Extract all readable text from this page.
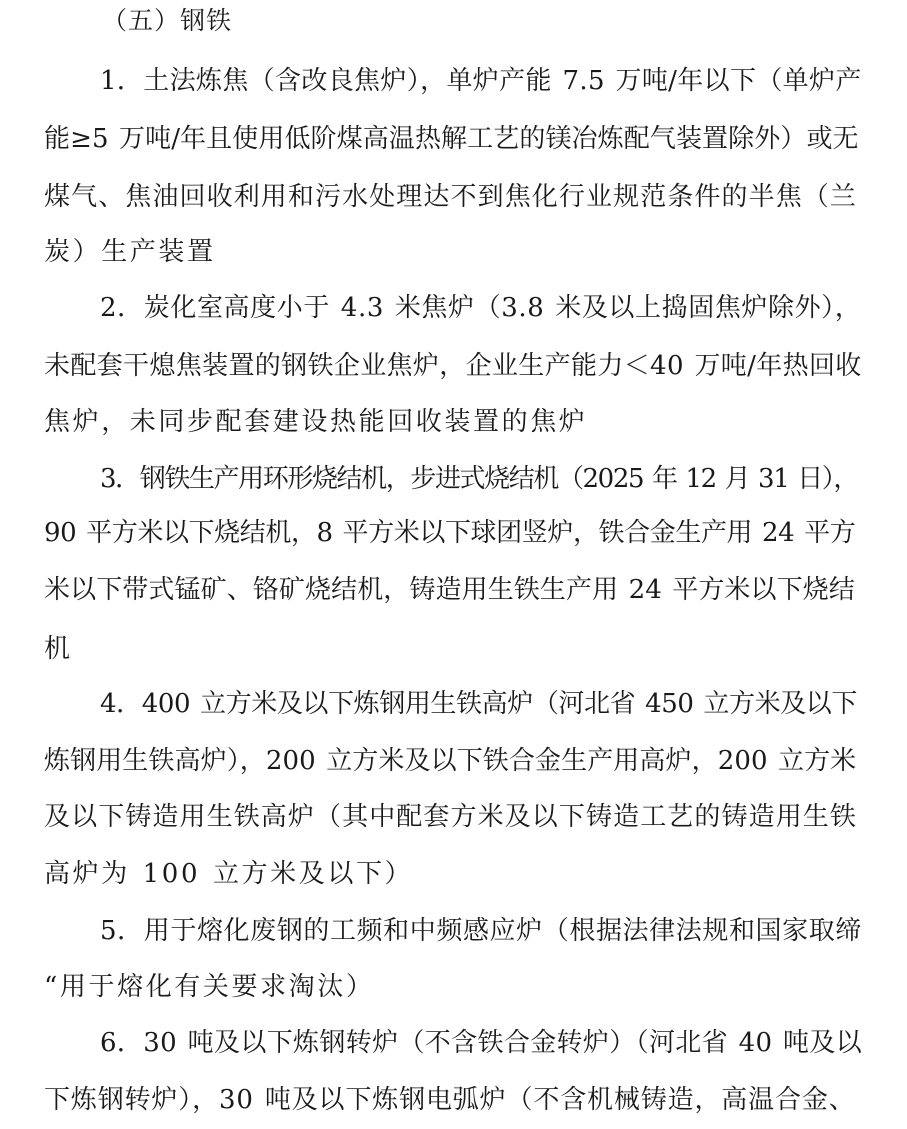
（五）钢铁
1．土法炼焦（含改良焦炉），单炉产能 7.5 万吨/年以下（单炉产
能≥5 万吨/年且使用低阶煤高温热解工艺的镁冶炼配气装置除外）或无
煤气、焦油回收利用和污水处理达不到焦化行业规范条件的半焦（兰
炭）生产装置
2．炭化室高度小于 4.3 米焦炉（3.8 米及以上捣固焦炉除外），
未配套干熄焦装置的钢铁企业焦炉，企业生产能力＜40 万吨/年热回收
焦炉，未同步配套建设热能回收装置的焦炉
3．钢铁生产用环形烧结机，步进式烧结机（2025 年 12 月 31 日），
90 平方米以下烧结机，8 平方米以下球团竖炉，铁合金生产用 24 平方
米以下带式锰矿、铬矿烧结机，铸造用生铁生产用 24 平方米以下烧结
机
4．400 立方米及以下炼钢用生铁高炉（河北省 450 立方米及以下
炼钢用生铁高炉），200 立方米及以下铁合金生产用高炉，200 立方米
及以下铸造用生铁高炉（其中配套方米及以下铸造工艺的铸造用生铁
高炉为 100 立方米及以下）
5．用于熔化废钢的工频和中频感应炉（根据法律法规和国家取缔
“用于熔化有关要求淘汰）
6．30 吨及以下炼钢转炉（不含铁合金转炉）（河北省 40 吨及以
下炼钢转炉），30 吨及以下炼钢电弧炉（不含机械铸造，高温合金、
